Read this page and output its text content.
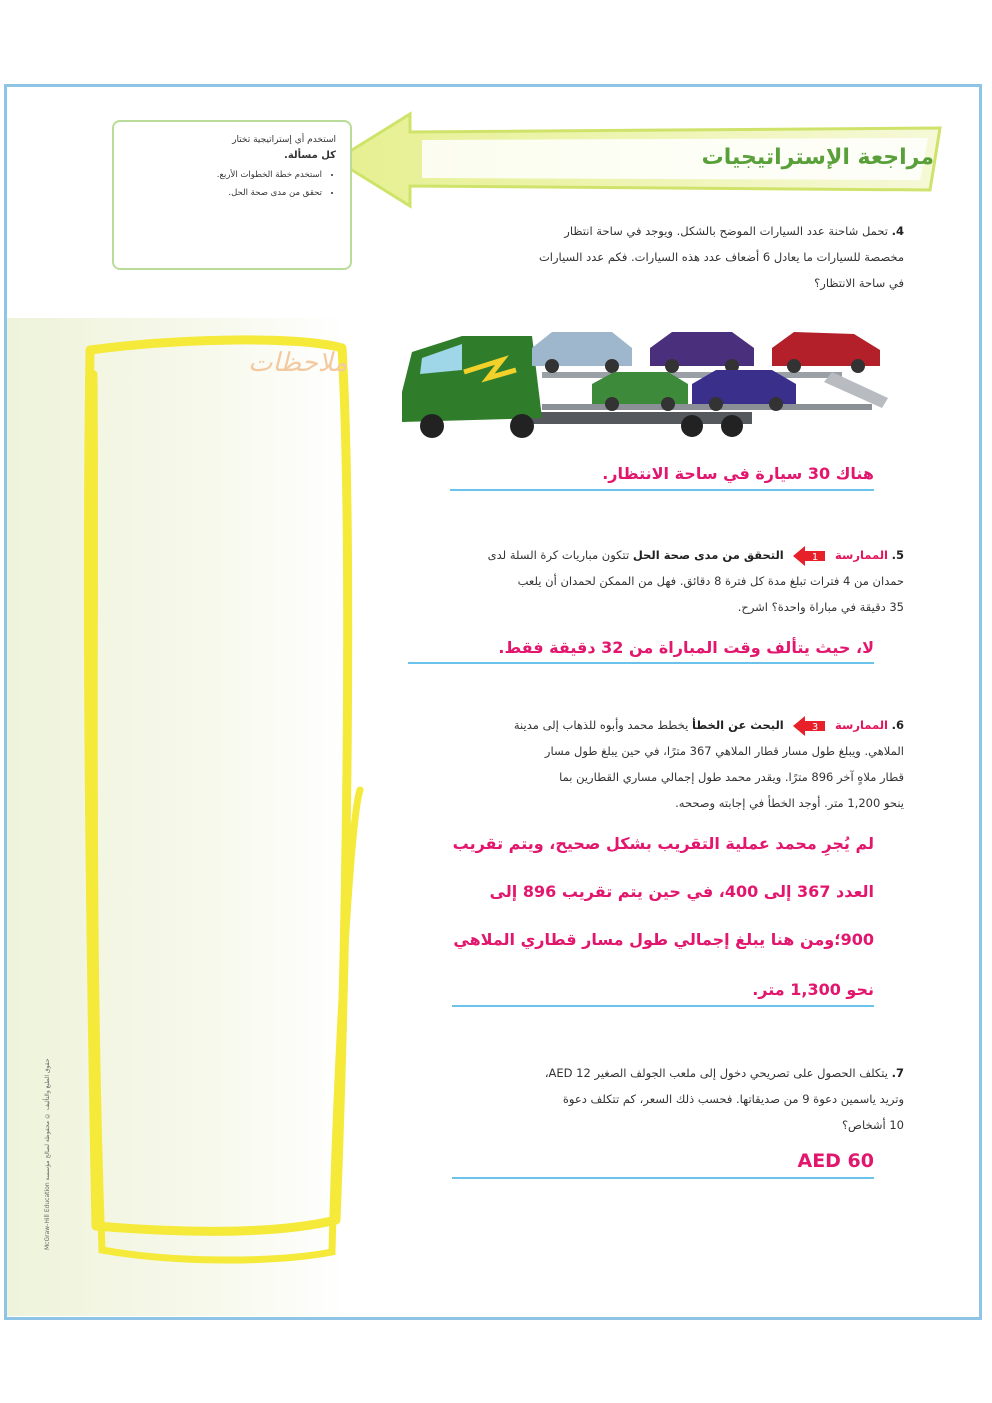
مراجعة الإستراتيجيات
استخدم أي إستراتيجية تختار
كل مسألة.
• استخدم خطة الخطوات الأربع.
• تحقق من مدى صحة الحل.
ملاحظات
McGraw-Hill Education حقوق الطبع والتأليف © محفوظة لصالح مؤسسة
4. تحمل شاحنة عدد السيارات الموضح بالشكل. ويوجد في ساحة انتظار
مخصصة للسيارات ما يعادل 6 أضعاف عدد هذه السيارات. فكم عدد السيارات
في ساحة الانتظار؟
هناك 30 سيارة في ساحة الانتظار.
5. الممارسة
1
التحقق من مدى صحة الحل تتكون مباريات كرة السلة لدى
حمدان من 4 فترات تبلغ مدة كل فترة 8 دقائق. فهل من الممكن لحمدان أن يلعب
35 دقيقة في مباراة واحدة؟ اشرح.
لا، حيث يتألف وقت المباراة من 32 دقيقة فقط.
6. الممارسة
3
البحث عن الخطأ يخطط محمد وأبوه للذهاب إلى مدينة
الملاهي. ويبلغ طول مسار قطار الملاهي 367 مترًا، في حين يبلغ طول مسار
قطار ملاهٍ آخر 896 مترًا. ويقدر محمد طول إجمالي مساري القطارين بما
ينحو 1,200 متر. أوجد الخطأ في إجابته وصححه.
لم يُجرِ محمد عملية التقريب بشكل صحيح، ويتم تقريب
العدد 367 إلى 400، في حين يتم تقريب 896 إلى
900؛ومن هنا يبلغ إجمالي طول مسار قطاري الملاهي
نحو 1,300 متر.
7. يتكلف الحصول على تصريحي دخول إلى ملعب الجولف الصغير AED 12،
وتريد ياسمين دعوة 9 من صديقاتها. فحسب ذلك السعر، كم تتكلف دعوة
10 أشخاص؟
AED 60
